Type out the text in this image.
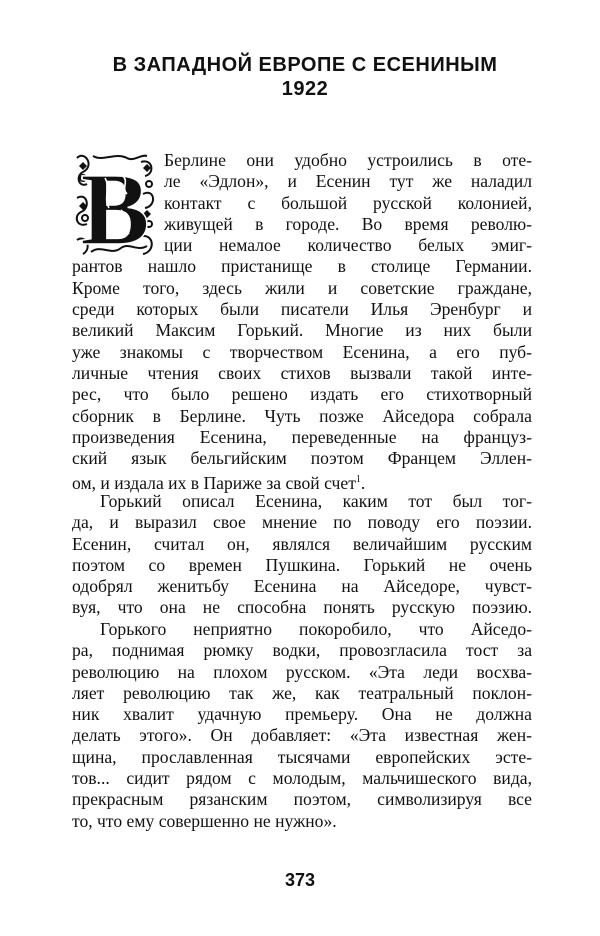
В ЗАПАДНОЙ ЕВРОПЕ С ЕСЕНИНЫМ
1922
В Берлине они удобно устроились в оте-
ле «Эдлон», и Есенин тут же наладил
контакт с большой русской колонией,
живущей в городе. Во время револю-
ции немалое количество белых эмиг-
рантов нашло пристанище в столице Германии.
Кроме того, здесь жили и советские граждане,
среди которых были писатели Илья Эренбург и
великий Максим Горький. Многие из них были
уже знакомы с творчеством Есенина, а его пуб-
личные чтения своих стихов вызвали такой инте-
рес, что было решено издать его стихотворный
сборник в Берлине. Чуть позже Айседора собрала
произведения Есенина, переведенные на француз-
ский язык бельгийским поэтом Францем Эллен-
ом, и издала их в Париже за свой счет$^1$.
Горький описал Есенина, каким тот был тог-
да, и выразил свое мнение по поводу его поэзии.
Есенин, считал он, являлся величайшим русским
поэтом со времен Пушкина. Горький не очень
одобрял женитьбу Есенина на Айседоре, чувст-
вуя, что она не способна понять русскую поэзию.
Горького неприятно покоробило, что Айседо-
ра, поднимая рюмку водки, провозгласила тост за
революцию на плохом русском. «Эта леди восхва-
ляет революцию так же, как театральный поклон-
ник хвалит удачную премьеру. Она не должна
делать этого». Он добавляет: «Эта известная жен-
щина, прославленная тысячами европейских эсте-
тов... сидит рядом с молодым, мальчишеского вида,
прекрасным рязанским поэтом, символизируя все
то, что ему совершенно не нужно».
373
